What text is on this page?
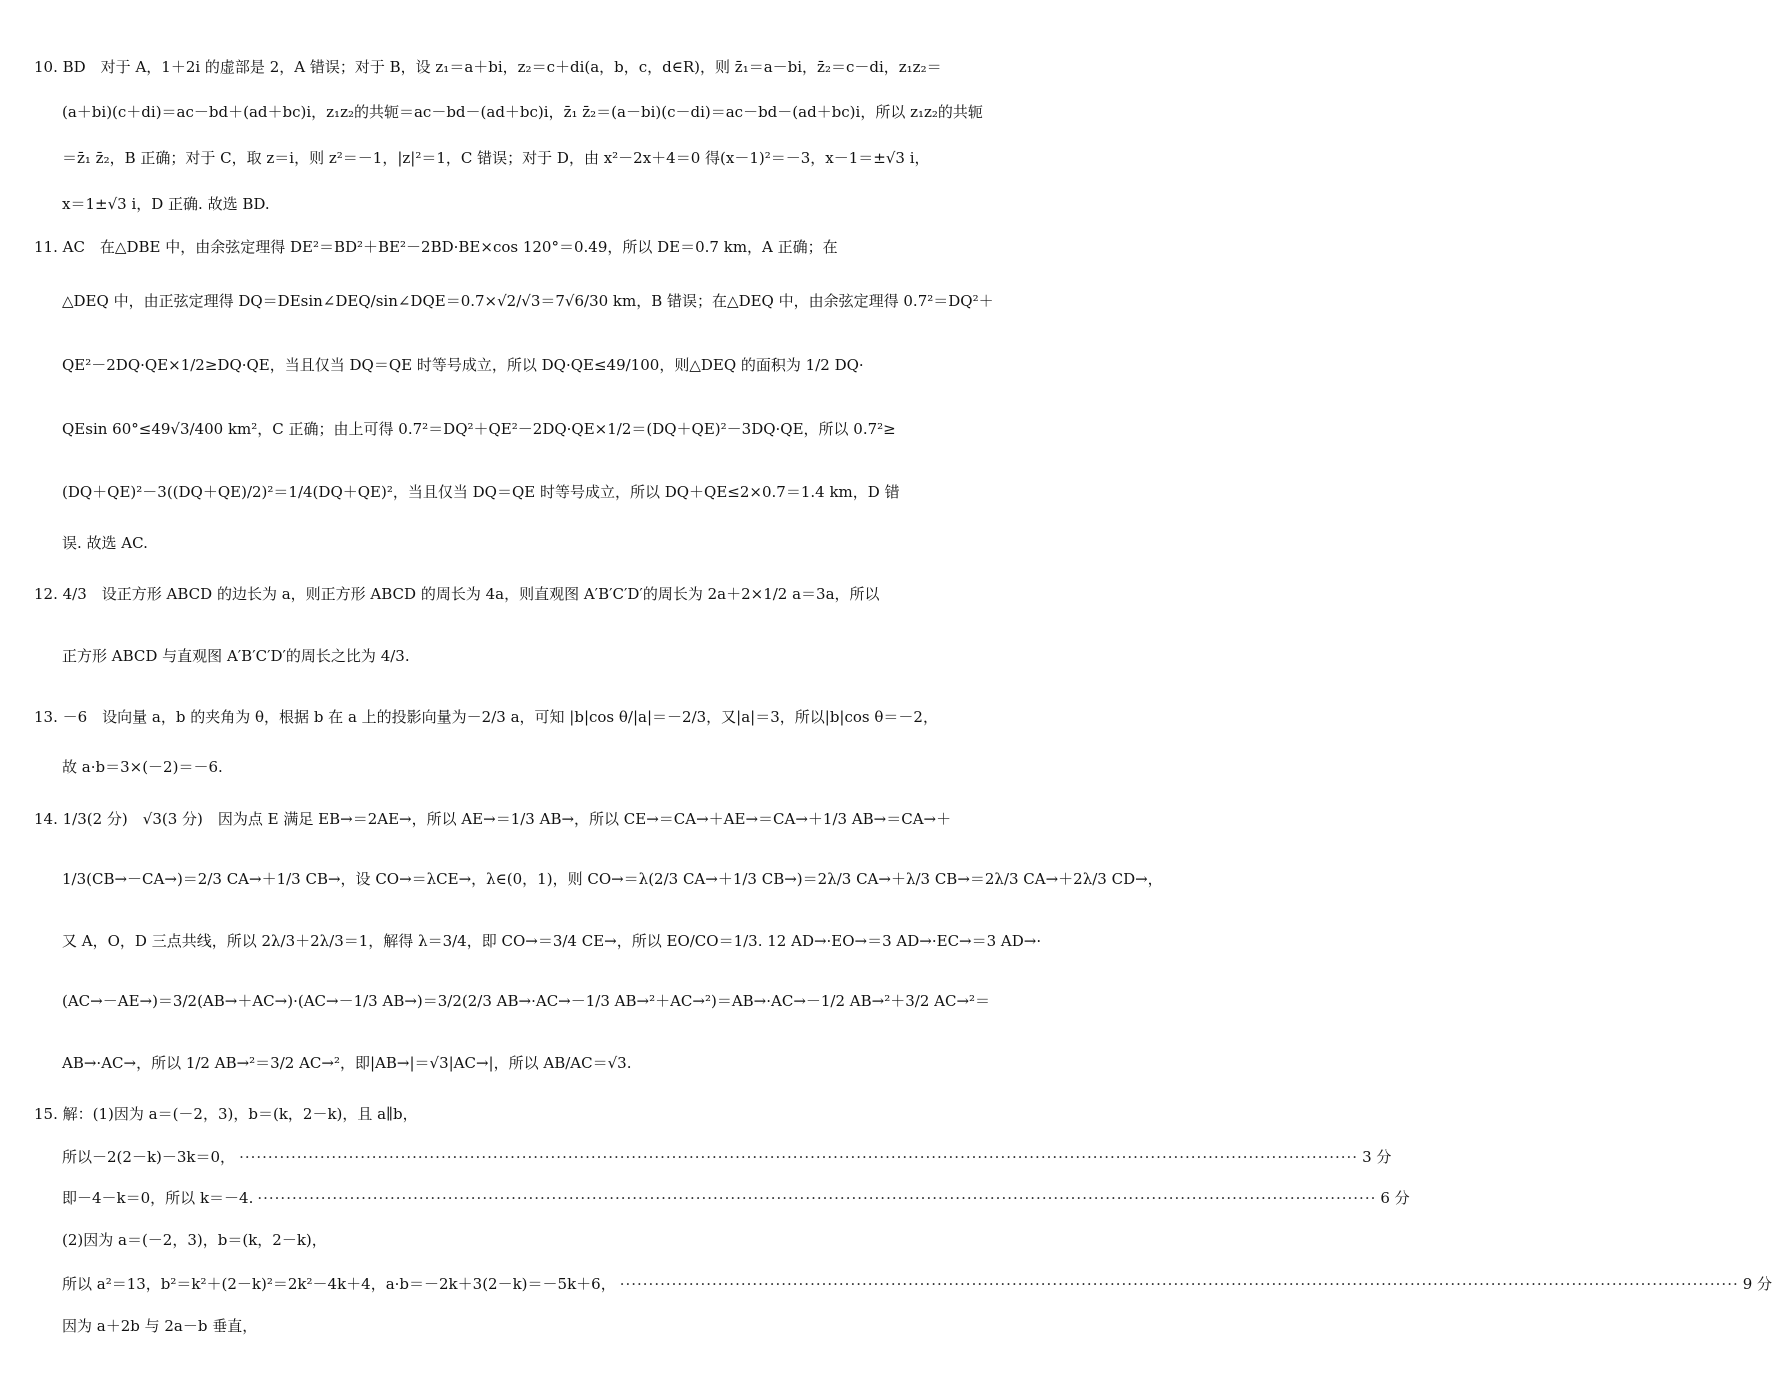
10. BD　对于 A，1＋2i 的虚部是 2，A 错误；对于 B，设 z₁＝a＋bi，z₂＝c＋di(a，b，c，d∈R)，则 z̄₁＝a－bi，z̄₂＝c－di，z₁z₂＝
(a＋bi)(c＋di)＝ac－bd＋(ad＋bc)i，z₁z₂的共轭＝ac－bd－(ad＋bc)i，z̄₁ z̄₂＝(a－bi)(c－di)＝ac－bd－(ad＋bc)i，所以 z₁z₂的共轭
＝z̄₁ z̄₂，B 正确；对于 C，取 z＝i，则 z²＝－1，|z|²＝1，C 错误；对于 D，由 x²－2x＋4＝0 得(x－1)²＝－3，x－1＝±√3 i，
x＝1±√3 i，D 正确. 故选 BD.
11. AC　在△DBE 中，由余弦定理得 DE²＝BD²＋BE²－2BD·BE×cos 120°＝0.49，所以 DE＝0.7 km，A 正确；在
△DEQ 中，由正弦定理得 DQ＝DEsin∠DEQ/sin∠DQE＝0.7×√2/√3＝7√6/30 km，B 错误；在△DEQ 中，由余弦定理得 0.7²＝DQ²＋
QE²－2DQ·QE×1/2≥DQ·QE，当且仅当 DQ＝QE 时等号成立，所以 DQ·QE≤49/100，则△DEQ 的面积为 1/2 DQ·
QEsin 60°≤49√3/400 km²，C 正确；由上可得 0.7²＝DQ²＋QE²－2DQ·QE×1/2＝(DQ＋QE)²－3DQ·QE，所以 0.7²≥
(DQ＋QE)²－3((DQ＋QE)/2)²＝1/4(DQ＋QE)²，当且仅当 DQ＝QE 时等号成立，所以 DQ＋QE≤2×0.7＝1.4 km，D 错
误. 故选 AC.
12. 4/3　设正方形 ABCD 的边长为 a，则正方形 ABCD 的周长为 4a，则直观图 A′B′C′D′的周长为 2a＋2×1/2 a＝3a，所以
正方形 ABCD 与直观图 A′B′C′D′的周长之比为 4/3.
13. －6　设向量 a，b 的夹角为 θ，根据 b 在 a 上的投影向量为－2/3 a，可知 |b|cos θ/|a|＝－2/3，又|a|＝3，所以|b|cos θ＝－2，
故 a·b＝3×(－2)＝－6.
14. 1/3(2 分)　√3(3 分)　因为点 E 满足 EB→＝2AE→，所以 AE→＝1/3 AB→，所以 CE→＝CA→＋AE→＝CA→＋1/3 AB→＝CA→＋
1/3(CB→－CA→)＝2/3 CA→＋1/3 CB→，设 CO→＝λCE→，λ∈(0，1)，则 CO→＝λ(2/3 CA→＋1/3 CB→)＝2λ/3 CA→＋λ/3 CB→＝2λ/3 CA→＋2λ/3 CD→，
又 A，O，D 三点共线，所以 2λ/3＋2λ/3＝1，解得 λ＝3/4，即 CO→＝3/4 CE→，所以 EO/CO＝1/3. 12 AD→·EO→＝3 AD→·EC→＝3 AD→·
(AC→－AE→)＝3/2(AB→＋AC→)·(AC→－1/3 AB→)＝3/2(2/3 AB→·AC→－1/3 AB→²＋AC→²)＝AB→·AC→－1/2 AB→²＋3/2 AC→²＝
AB→·AC→，所以 1/2 AB→²＝3/2 AC→²，即|AB→|＝√3|AC→|，所以 AB/AC＝√3.
15. 解：(1)因为 a＝(－2，3)，b＝(k，2－k)，且 a∥b，
所以－2(2－k)－3k＝0， ·····	3 分
即－4－k＝0，所以 k＝－4. ·····	6 分
(2)因为 a＝(－2，3)，b＝(k，2－k)，
所以 a²＝13，b²＝k²＋(2－k)²＝2k²－4k＋4，a·b＝－2k＋3(2－k)＝－5k＋6， ·····	9 分
因为 a＋2b 与 2a－b 垂直，
